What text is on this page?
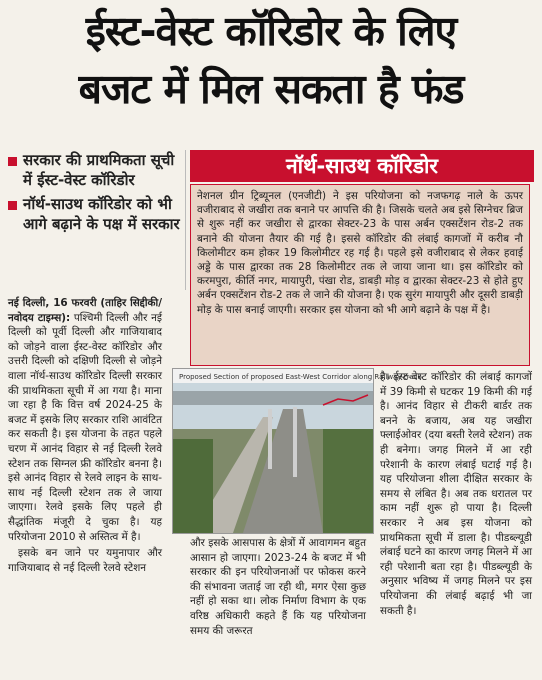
ईस्ट-वेस्ट कॉरिडोर के लिए
बजट में मिल सकता है फंड
सरकार की प्राथमिकता सूची में ईस्ट-वेस्ट कॉरिडोर
नॉर्थ-साउथ कॉरिडोर को भी आगे बढ़ाने के पक्ष में सरकार
नॉर्थ-साउथ कॉरिडोर

नेशनल ग्रीन ट्रिब्यूनल (एनजीटी) ने इस परियोजना को नजफगढ़ नाले के ऊपर वजीराबाद से जखीरा तक बनाने पर आपत्ति की है। जिसके चलते अब इसे सिग्नेचर ब्रिज से शुरू नहीं कर जखीरा से द्वारका सेक्टर-23 के पास अर्बन एक्सटेंशन रोड-2 तक बनाने की योजना तैयार की गई है। इससे कॉरिडोर की लंबाई कागजों में करीब नौ किलोमीटर कम होकर 19 किलोमीटर रह गई है। पहले इसे वजीराबाद से लेकर हवाई अड्डे के पास द्वारका तक 28 किलोमीटर तक ले जाया जाना था। इस कॉरिडोर को करमपुरा, कीर्ति नगर, मायापुरी, पंखा रोड, डाबड़ी मोड़ व द्वारका सेक्टर-23 से होते हुए अर्बन एक्सटेंशन रोड-2 तक ले जाने की योजना है। एक सुरंग मायापुरी और दूसरी डाबड़ी मोड़ के पास बनाई जाएगी। सरकार इस योजना को भी आगे बढ़ाने के पक्ष में है।

नई दिल्ली, 16 फरवरी (ताहिर सिद्दीकी/नवोदय टाइम्स): पश्चिमी दिल्ली और नई दिल्ली को पूर्वी दिल्ली और गाजियाबाद को जोड़ने वाला ईस्ट-वेस्ट कॉरिडोर और उत्तरी दिल्ली को दक्षिणी दिल्ली से जोड़ने वाला नॉर्थ-साउथ कॉरिडोर दिल्ली सरकार की प्राथमिकता सूची में आ गया है। माना जा रहा है कि वित्त वर्ष 2024-25 के बजट में इसके लिए सरकार राशि आवंटित कर सकती है। इस योजना के तहत पहले चरण में आनंद विहार से नई दिल्ली रेलवे स्टेशन तक सिग्नल फ्री कॉरिडोर बनना है। इसे आनंद विहार से रेलवे लाइन के साथ-साथ नई दिल्ली स्टेशन तक ले जाया जाएगा। रेलवे इसके लिए पहले ही सैद्धांतिक मंजूरी दे चुका है। यह परियोजना 2010 से अस्तित्व में है।

इसके बन जाने पर यमुनापार और गाजियाबाद से नई दिल्ली रेलवे स्टेशन

Proposed Section of proposed East-West Corridor along Railway track

और इसके आसपास के क्षेत्रों में आवागमन बहुत आसान हो जाएगा। 2023-24 के बजट में भी सरकार की इन परियोजनाओं पर फोकस करने की संभावना जताई जा रही थी, मगर ऐसा कुछ नहीं हो सका था। लोक निर्माण विभाग के एक वरिष्ठ अधिकारी कहते हैं कि यह परियोजना समय की जरूरत

है। ईस्ट-वेस्ट कॉरिडोर की लंबाई कागजों में 39 किमी से घटकर 19 किमी की गई है। आनंद विहार से टीकरी बार्डर तक बनने के बजाय, अब यह जखीरा फ्लाईओवर (दया बस्ती रेलवे स्टेशन) तक ही बनेगा। जगह मिलने में आ रही परेशानी के कारण लंबाई घटाई गई है। यह परियोजना शीला दीक्षित सरकार के समय से लंबित है। अब तक धरातल पर काम नहीं शुरू हो पाया है। दिल्ली सरकार ने अब इस योजना को प्राथमिकता सूची में डाला है। पीडब्ल्यूडी लंबाई घटने का कारण जगह मिलने में आ रही परेशानी बता रहा है। पीडब्ल्यूडी के अनुसार भविष्य में जगह मिलने पर इस परियोजना की लंबाई बढ़ाई भी जा सकती है।
